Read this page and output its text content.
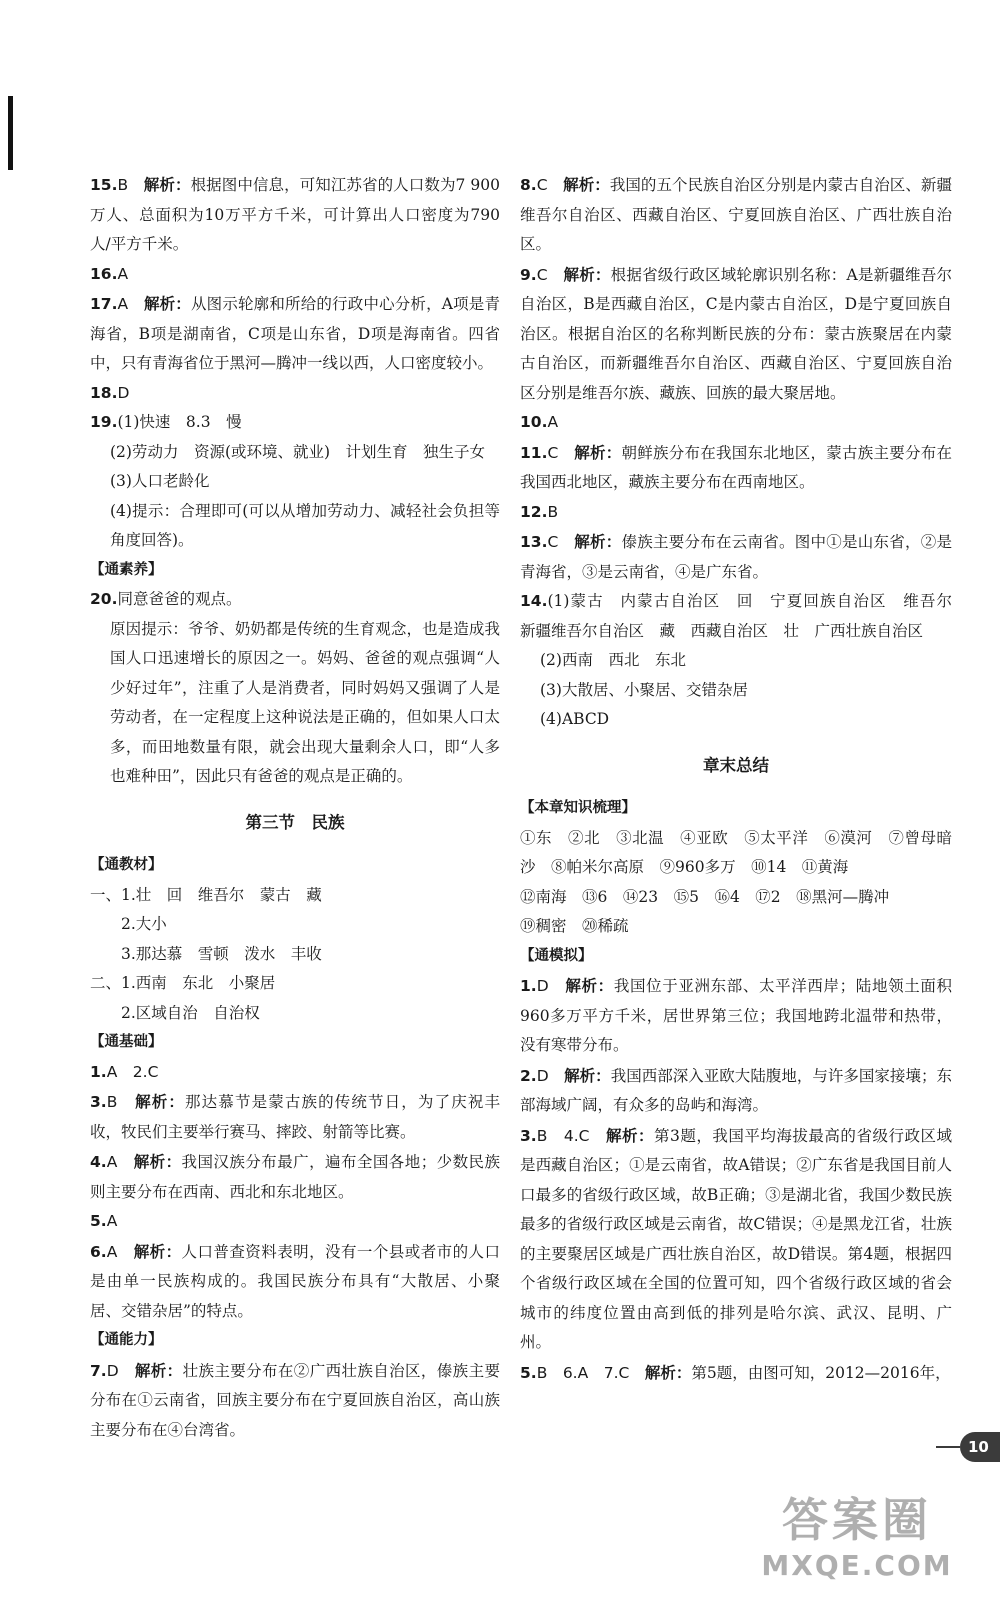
15.B　 解析：根据图中信息，可知江苏省的人口数为7 900万人、总面积为10万平方千米，可计算出人口密度为790人/平方千米。

16.A

17.A　 解析：从图示轮廓和所给的行政中心分析，A项是青海省，B项是湖南省，C项是山东省，D项是海南省。四省中，只有青海省位于黑河—腾冲一线以西，人口密度较小。

18.D

19.(1)快速　8.3　慢

(2)劳动力　资源(或环境、就业)　计划生育　独生子女

(3)人口老龄化

(4)提示：合理即可(可以从增加劳动力、减轻社会负担等角度回答)。

【通素养】

20.同意爸爸的观点。

原因提示：爷爷、奶奶都是传统的生育观念，也是造成我国人口迅速增长的原因之一。妈妈、爸爸的观点强调“人少好过年”，注重了人是消费者，同时妈妈又强调了人是劳动者，在一定程度上这种说法是正确的，但如果人口太多，而田地数量有限，就会出现大量剩余人口，即“人多也难种田”，因此只有爸爸的观点是正确的。

第三节　民族

【通教材】

一、1.壮　回　维吾尔　蒙古　藏

　　2.大小

　　3.那达慕　雪顿　泼水　丰收

二、1.西南　东北　小聚居

　　2.区域自治　自治权

【通基础】

1.A　2.C

3.B　 解析：那达慕节是蒙古族的传统节日，为了庆祝丰收，牧民们主要举行赛马、摔跤、射箭等比赛。

4.A　 解析：我国汉族分布最广，遍布全国各地；少数民族则主要分布在西南、西北和东北地区。

5.A

6.A　 解析：人口普查资料表明，没有一个县或者市的人口是由单一民族构成的。我国民族分布具有“大散居、小聚居、交错杂居”的特点。

【通能力】

7.D　 解析：壮族主要分布在②广西壮族自治区，傣族主要分布在①云南省，回族主要分布在宁夏回族自治区，高山族主要分布在④台湾省。

8.C　 解析：我国的五个民族自治区分别是内蒙古自治区、新疆维吾尔自治区、西藏自治区、宁夏回族自治区、广西壮族自治区。

9.C　 解析：根据省级行政区域轮廓识别名称：A是新疆维吾尔自治区，B是西藏自治区，C是内蒙古自治区，D是宁夏回族自治区。根据自治区的名称判断民族的分布：蒙古族聚居在内蒙古自治区，而新疆维吾尔自治区、西藏自治区、宁夏回族自治区分别是维吾尔族、藏族、回族的最大聚居地。

10.A

11.C　 解析：朝鲜族分布在我国东北地区，蒙古族主要分布在我国西北地区，藏族主要分布在西南地区。

12.B

13.C　 解析：傣族主要分布在云南省。图中①是山东省，②是青海省，③是云南省，④是广东省。

14.(1)蒙古　内蒙古自治区　回　宁夏回族自治区　维吾尔　新疆维吾尔自治区　藏　西藏自治区　壮　广西壮族自治区

(2)西南　西北　东北

(3)大散居、小聚居、交错杂居

(4)ABCD

章末总结

【本章知识梳理】

①东　②北　③北温　④亚欧　⑤太平洋　⑥漠河　⑦曾母暗沙　⑧帕米尔高原　⑨960多万　⑩14　⑪黄海

⑫南海　⑬6　⑭23　⑮5　⑯4　⑰2　⑱黑河—腾冲

⑲稠密　⑳稀疏

【通模拟】

1.D　 解析：我国位于亚洲东部、太平洋西岸；陆地领土面积960多万平方千米，居世界第三位；我国地跨北温带和热带，没有寒带分布。

2.D　 解析：我国西部深入亚欧大陆腹地，与许多国家接壤；东部海域广阔，有众多的岛屿和海湾。

3.B　4.C　 解析：第3题，我国平均海拔最高的省级行政区域是西藏自治区；①是云南省，故A错误；②广东省是我国目前人口最多的省级行政区域，故B正确；③是湖北省，我国少数民族最多的省级行政区域是云南省，故C错误；④是黑龙江省，壮族的主要聚居区域是广西壮族自治区，故D错误。第4题，根据四个省级行政区域在全国的位置可知，四个省级行政区域的省会城市的纬度位置由高到低的排列是哈尔滨、武汉、昆明、广州。

5.B　6.A　7.C　 解析：第5题，由图可知，2012—2016年，

10
答案圈
MXQE.COM
